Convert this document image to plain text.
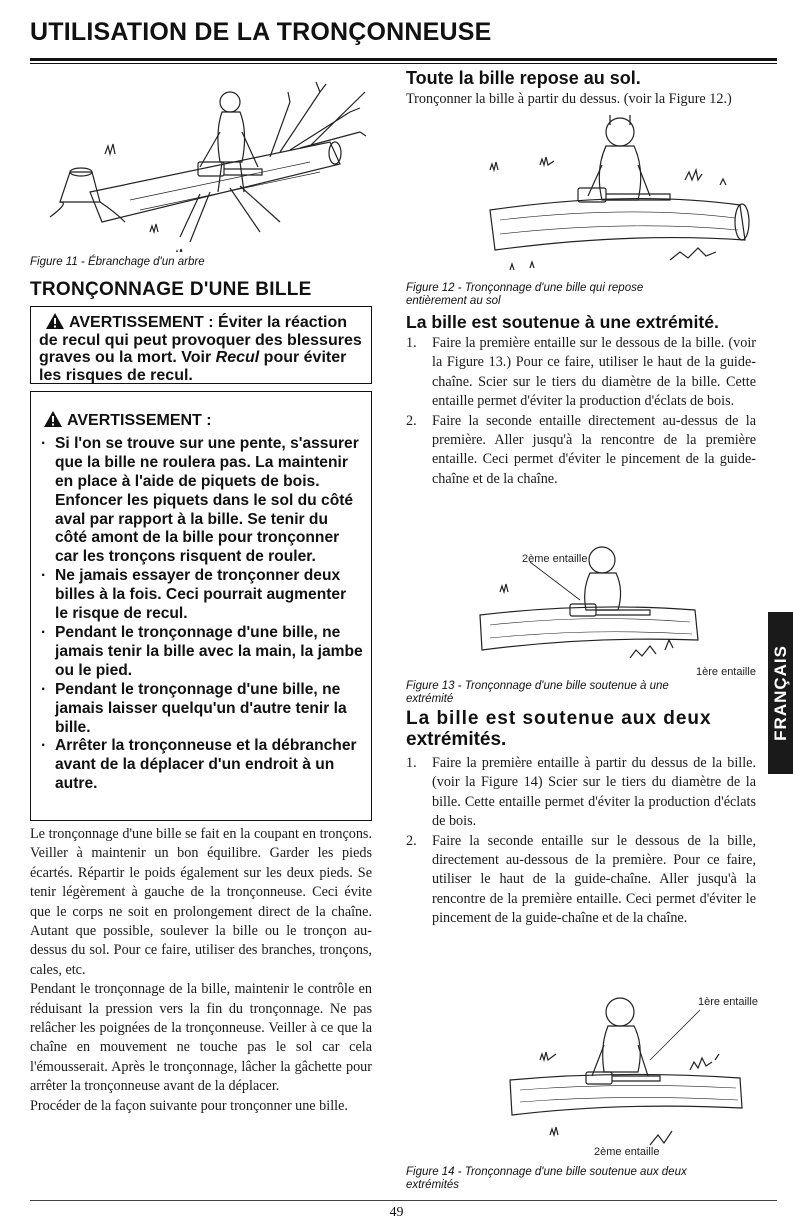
UTILISATION DE LA TRONÇONNEUSE
Figure 11 - Ébranchage d'un arbre
TRONÇONNAGE D'UNE BILLE
AVERTISSEMENT : Éviter la réaction
de recul qui peut provoquer des blessures
graves ou la mort. Voir Recul pour éviter
les risques de recul.
AVERTISSEMENT :
· Si l'on se trouve sur une pente, s'assurer que la bille ne roulera pas. La maintenir en place à l'aide de piquets de bois. Enfoncer les piquets dans le sol du côté aval par rapport à la bille. Se tenir du côté amont de la bille pour tronçonner car les tronçons risquent de rouler.
· Ne jamais essayer de tronçonner deux billes à la fois. Ceci pourrait augmenter le risque de recul.
· Pendant le tronçonnage d'une bille, ne jamais tenir la bille avec la main, la jambe ou le pied.
· Pendant le tronçonnage d'une bille, ne jamais laisser quelqu'un d'autre tenir la bille.
· Arrêter la tronçonneuse et la débrancher avant de la déplacer d'un endroit à un autre.

Le tronçonnage d'une bille se fait en la coupant en tronçons. Veiller à maintenir un bon équilibre. Garder les pieds écartés. Répartir le poids également sur les deux pieds. Se tenir légèrement à gauche de la tronçonneuse. Ceci évite que le corps ne soit en prolongement direct de la chaîne. Autant que possible, soulever la bille ou le tronçon au-dessus du sol. Pour ce faire, utiliser des branches, tronçons, cales, etc.

Pendant le tronçonnage de la bille, maintenir le contrôle en réduisant la pression vers la fin du tronçonnage. Ne pas relâcher les poignées de la tronçonneuse. Veiller à ce que la chaîne en mouvement ne touche pas le sol car cela l'émousserait. Après le tronçonnage, lâcher la gâchette pour arrêter la tronçonneuse avant de la déplacer.

Procéder de la façon suivante pour tronçonner une bille.

Toute la bille repose au sol.
Tronçonner la bille à partir du dessus. (voir la Figure 12.)
Figure 12 - Tronçonnage d'une bille qui repose
entièrement au sol
La bille est soutenue à une extrémité.
1. Faire la première entaille sur le dessous de la bille. (voir la Figure 13.) Pour ce faire, utiliser le haut de la guide-chaîne. Scier sur le tiers du diamètre de la bille. Cette entaille permet d'éviter la production d'éclats de bois.
2. Faire la seconde entaille directement au-dessus de la première. Aller jusqu'à la rencontre de la première entaille. Ceci permet d'éviter le pincement de la guide-chaîne et de la chaîne.
2ème entaille
1ère entaille
Figure 13 - Tronçonnage d'une bille soutenue à une
extrémité
La bille est soutenue aux deux
extrémités.
1. Faire la première entaille à partir du dessus de la bille. (voir la Figure 14) Scier sur le tiers du diamètre de la bille. Cette entaille permet d'éviter la production d'éclats de bois.
2. Faire la seconde entaille sur le dessous de la bille, directement au-dessous de la première. Pour ce faire, utiliser le haut de la guide-chaîne. Aller jusqu'à la rencontre de la première entaille. Ceci permet d'éviter le pincement de la guide-chaîne et de la chaîne.
1ère entaille
2ème entaille
Figure 14 - Tronçonnage d'une bille soutenue aux deux
extrémités
FRANÇAIS
49
